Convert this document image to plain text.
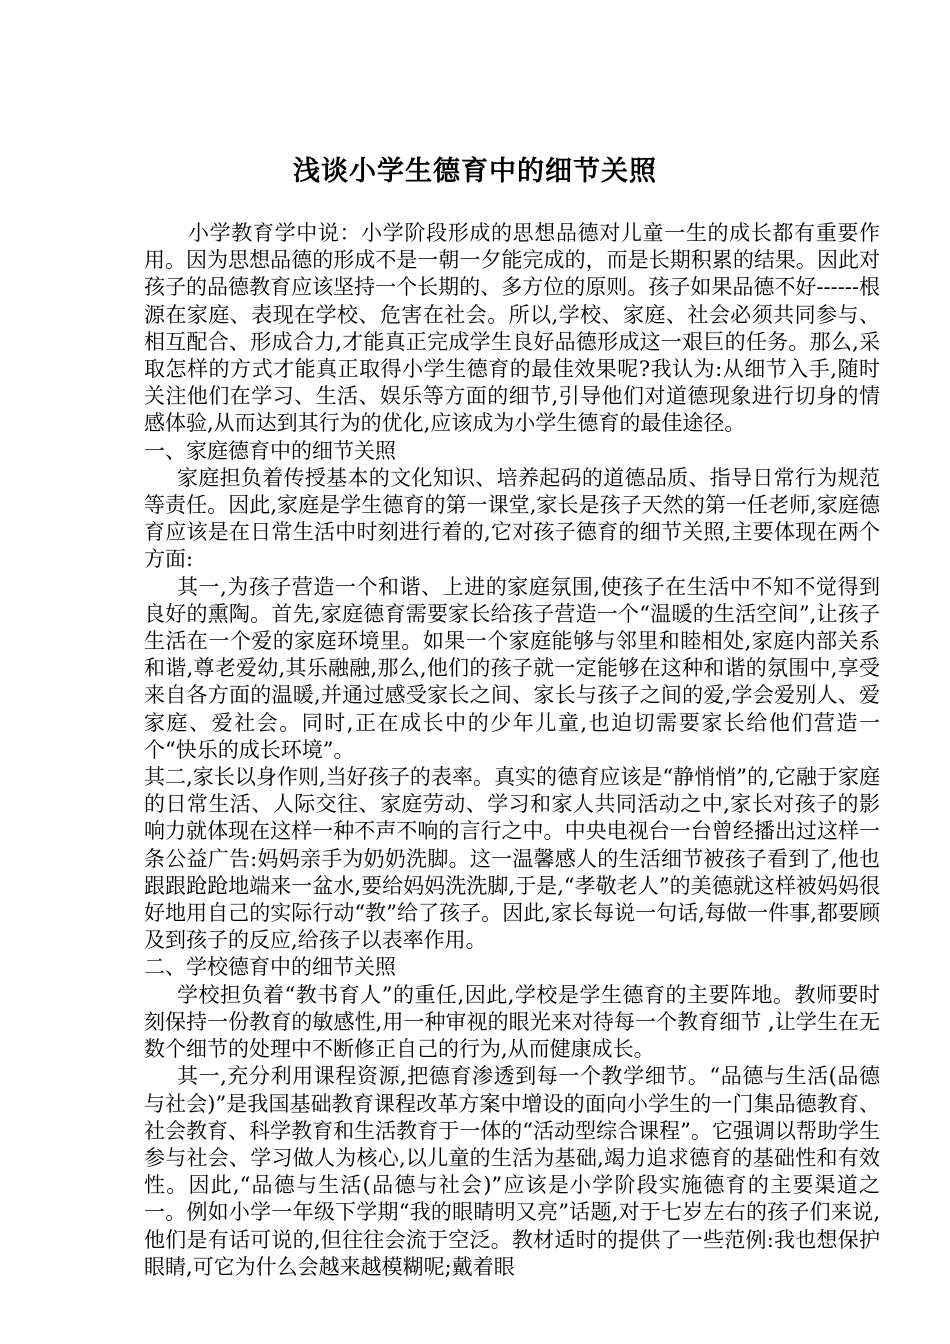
浅谈小学生德育中的细节关照

小学教育学中说：小学阶段形成的思想品德对儿童一生的成长都有重要作用。因为思想品德的形成不是一朝一夕能完成的，而是长期积累的结果。因此对孩子的品德教育应该坚持一个长期的、多方位的原则。孩子如果品德不好------根源在家庭、表现在学校、危害在社会。所以,学校、家庭、社会必须共同参与、相互配合、形成合力,才能真正完成学生良好品德形成这一艰巨的任务。那么,采取怎样的方式才能真正取得小学生德育的最佳效果呢?我认为:从细节入手,随时关注他们在学习、生活、娱乐等方面的细节,引导他们对道德现象进行切身的情感体验,从而达到其行为的优化,应该成为小学生德育的最佳途径。

一、家庭德育中的细节关照

家庭担负着传授基本的文化知识、培养起码的道德品质、指导日常行为规范等责任。因此,家庭是学生德育的第一课堂,家长是孩子天然的第一任老师,家庭德育应该是在日常生活中时刻进行着的,它对孩子德育的细节关照,主要体现在两个方面:

其一,为孩子营造一个和谐、上进的家庭氛围,使孩子在生活中不知不觉得到良好的熏陶。首先,家庭德育需要家长给孩子营造一个“温暖的生活空间”,让孩子生活在一个爱的家庭环境里。如果一个家庭能够与邻里和睦相处,家庭内部关系和谐,尊老爱幼,其乐融融,那么,他们的孩子就一定能够在这种和谐的氛围中,享受来自各方面的温暖,并通过感受家长之间、家长与孩子之间的爱,学会爱别人、爱家庭、爱社会。同时,正在成长中的少年儿童,也迫切需要家长给他们营造一个“快乐的成长环境”。

其二,家长以身作则,当好孩子的表率。真实的德育应该是“静悄悄”的,它融于家庭的日常生活、人际交往、家庭劳动、学习和家人共同活动之中,家长对孩子的影响力就体现在这样一种不声不响的言行之中。中央电视台一台曾经播出过这样一条公益广告:妈妈亲手为奶奶洗脚。这一温馨感人的生活细节被孩子看到了,他也跟跟跄跄地端来一盆水,要给妈妈洗洗脚,于是,“孝敬老人”的美德就这样被妈妈很好地用自己的实际行动“教”给了孩子。因此,家长每说一句话,每做一件事,都要顾及到孩子的反应,给孩子以表率作用。

二、学校德育中的细节关照

学校担负着“教书育人”的重任,因此,学校是学生德育的主要阵地。教师要时刻保持一份教育的敏感性,用一种审视的眼光来对待每一个教育细节 ,让学生在无数个细节的处理中不断修正自己的行为,从而健康成长。

其一,充分利用课程资源,把德育渗透到每一个教学细节。“品德与生活(品德与社会)”是我国基础教育课程改革方案中增设的面向小学生的一门集品德教育、社会教育、科学教育和生活教育于一体的“活动型综合课程”。它强调以帮助学生参与社会、学习做人为核心,以儿童的生活为基础,竭力追求德育的基础性和有效性。因此,“品德与生活(品德与社会)”应该是小学阶段实施德育的主要渠道之一。例如小学一年级下学期“我的眼睛明又亮”话题,对于七岁左右的孩子们来说,他们是有话可说的,但往往会流于空泛。教材适时的提供了一些范例:我也想保护眼睛,可它为什么会越来越模糊呢;戴着眼
